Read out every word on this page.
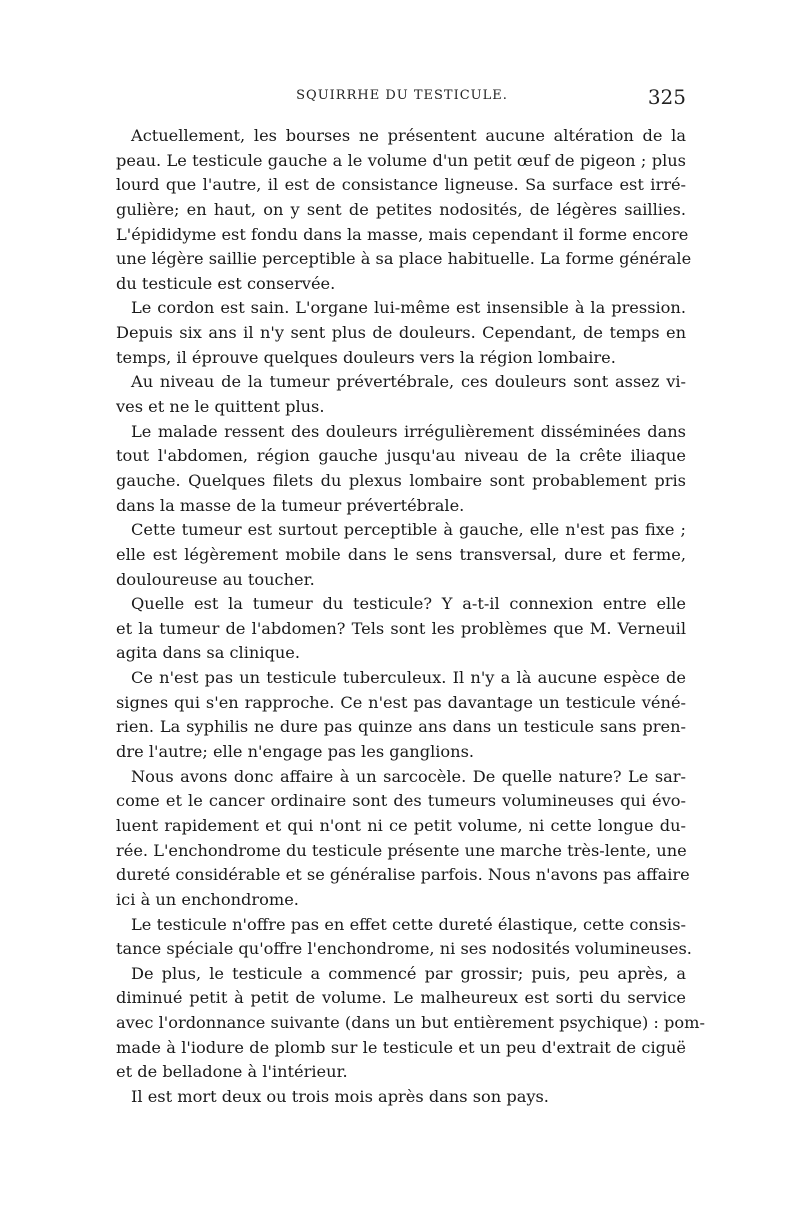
SQUIRRHE DU TESTICULE.	325

Actuellement, les bourses ne présentent aucune altération de la
peau. Le testicule gauche a le volume d'un petit œuf de pigeon ; plus
lourd que l'autre, il est de consistance ligneuse. Sa surface est irré-
gulière; en haut, on y sent de petites nodosités, de légères saillies.
L'épididyme est fondu dans la masse, mais cependant il forme encore
une légère saillie perceptible à sa place habituelle. La forme générale
du testicule est conservée.

Le cordon est sain. L'organe lui-même est insensible à la pression.
Depuis six ans il n'y sent plus de douleurs. Cependant, de temps en
temps, il éprouve quelques douleurs vers la région lombaire.

Au niveau de la tumeur prévertébrale, ces douleurs sont assez vi-
ves et ne le quittent plus.

Le malade ressent des douleurs irrégulièrement disséminées dans
tout l'abdomen, région gauche jusqu'au niveau de la crête iliaque
gauche. Quelques filets du plexus lombaire sont probablement pris
dans la masse de la tumeur prévertébrale.

Cette tumeur est surtout perceptible à gauche, elle n'est pas fixe ;
elle est légèrement mobile dans le sens transversal, dure et ferme,
douloureuse au toucher.

Quelle est la tumeur du testicule? Y a-t-il connexion entre elle
et la tumeur de l'abdomen? Tels sont les problèmes que M. Verneuil
agita dans sa clinique.

Ce n'est pas un testicule tuberculeux. Il n'y a là aucune espèce de
signes qui s'en rapproche. Ce n'est pas davantage un testicule véné-
rien. La syphilis ne dure pas quinze ans dans un testicule sans pren-
dre l'autre; elle n'engage pas les ganglions.

Nous avons donc affaire à un sarcocèle. De quelle nature? Le sar-
come et le cancer ordinaire sont des tumeurs volumineuses qui évo-
luent rapidement et qui n'ont ni ce petit volume, ni cette longue du-
rée. L'enchondrome du testicule présente une marche très-lente, une
dureté considérable et se généralise parfois. Nous n'avons pas affaire
ici à un enchondrome.

Le testicule n'offre pas en effet cette dureté élastique, cette consis-
tance spéciale qu'offre l'enchondrome, ni ses nodosités volumineuses.

De plus, le testicule a commencé par grossir; puis, peu après, a
diminué petit à petit de volume. Le malheureux est sorti du service
avec l'ordonnance suivante (dans un but entièrement psychique) : pom-
made à l'iodure de plomb sur le testicule et un peu d'extrait de ciguë
et de belladone à l'intérieur.

Il est mort deux ou trois mois après dans son pays.
